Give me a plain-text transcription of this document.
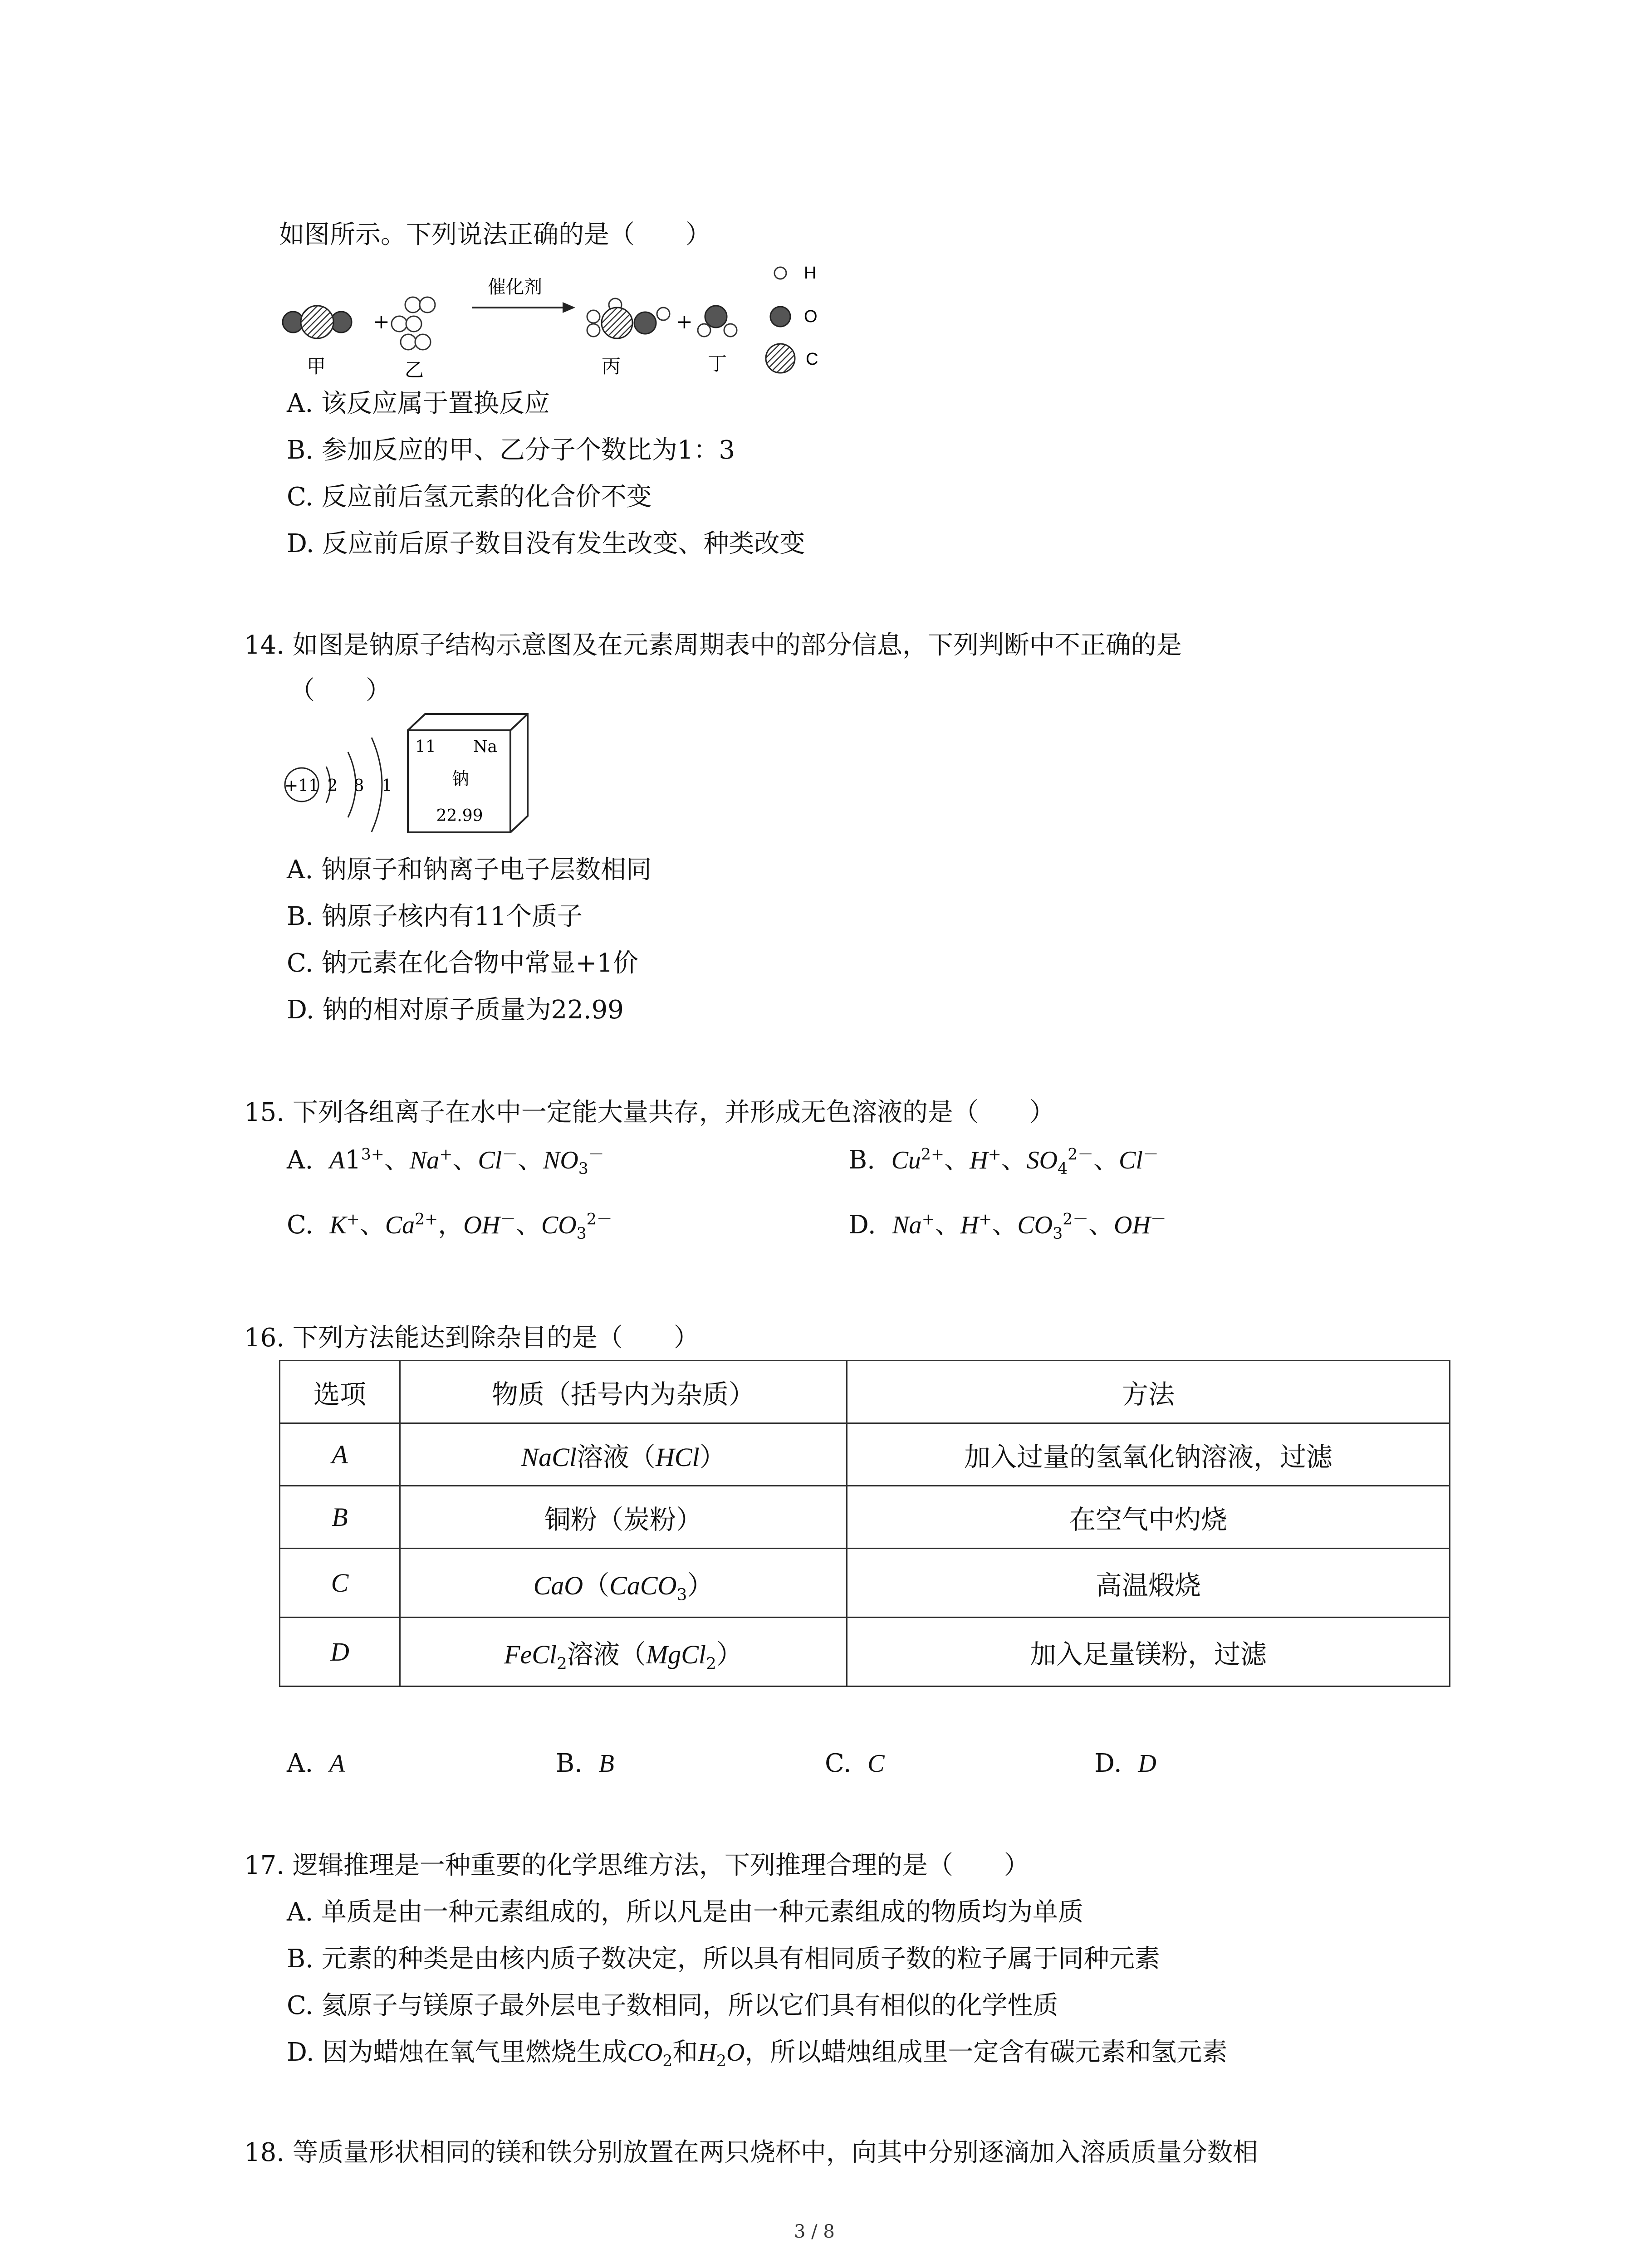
如图所示。下列说法正确的是（　　）
+
催化剂
+
甲	乙	丙	丁
H
O
C
A. 该反应属于置换反应
B. 参加反应的甲、乙分子个数比为1：3
C. 反应前后氢元素的化合价不变
D. 反应前后原子数目没有发生改变、种类改变
14. 如图是钠原子结构示意图及在元素周期表中的部分信息，下列判断中不正确的是
（　　）
+11 2 8 1
11 Na
钠
22.99
A. 钠原子和钠离子电子层数相同
B. 钠原子核内有11个质子
C. 钠元素在化合物中常显+1价
D. 钠的相对原子质量为22.99
15. 下列各组离子在水中一定能大量共存，并形成无色溶液的是（　　）
A. $A1^{3+}$、Na+、Cl－、$NO_3^-$	B. $Cu^{2+}$、H+、$SO_4^{2-}$、Cl－
C. K+、$Ca^{2+}$，OH－、$CO_3^{2-}$	D. Na+、H+、$CO_3^{2-}$、OH－
16. 下列方法能达到除杂目的是（　　）
选项	物质（括号内为杂质）	方法
A	NaCl溶液（HCl）	加入过量的氢氧化钠溶液，过滤
B	铜粉（炭粉）	在空气中灼烧
C	CaO（CaCO$_3$）	高温煅烧
D	FeCl$_2$溶液（MgCl$_2$）	加入足量镁粉，过滤
A. A	B. B	C. C	D. D
17. 逻辑推理是一种重要的化学思维方法，下列推理合理的是（　　）
A. 单质是由一种元素组成的，所以凡是由一种元素组成的物质均为单质
B. 元素的种类是由核内质子数决定，所以具有相同质子数的粒子属于同种元素
C. 氦原子与镁原子最外层电子数相同，所以它们具有相似的化学性质
D. 因为蜡烛在氧气里燃烧生成$CO_2$和$H_2O$，所以蜡烛组成里一定含有碳元素和氢元素
18. 等质量形状相同的镁和铁分别放置在两只烧杯中，向其中分别逐滴加入溶质质量分数相
3 / 8
